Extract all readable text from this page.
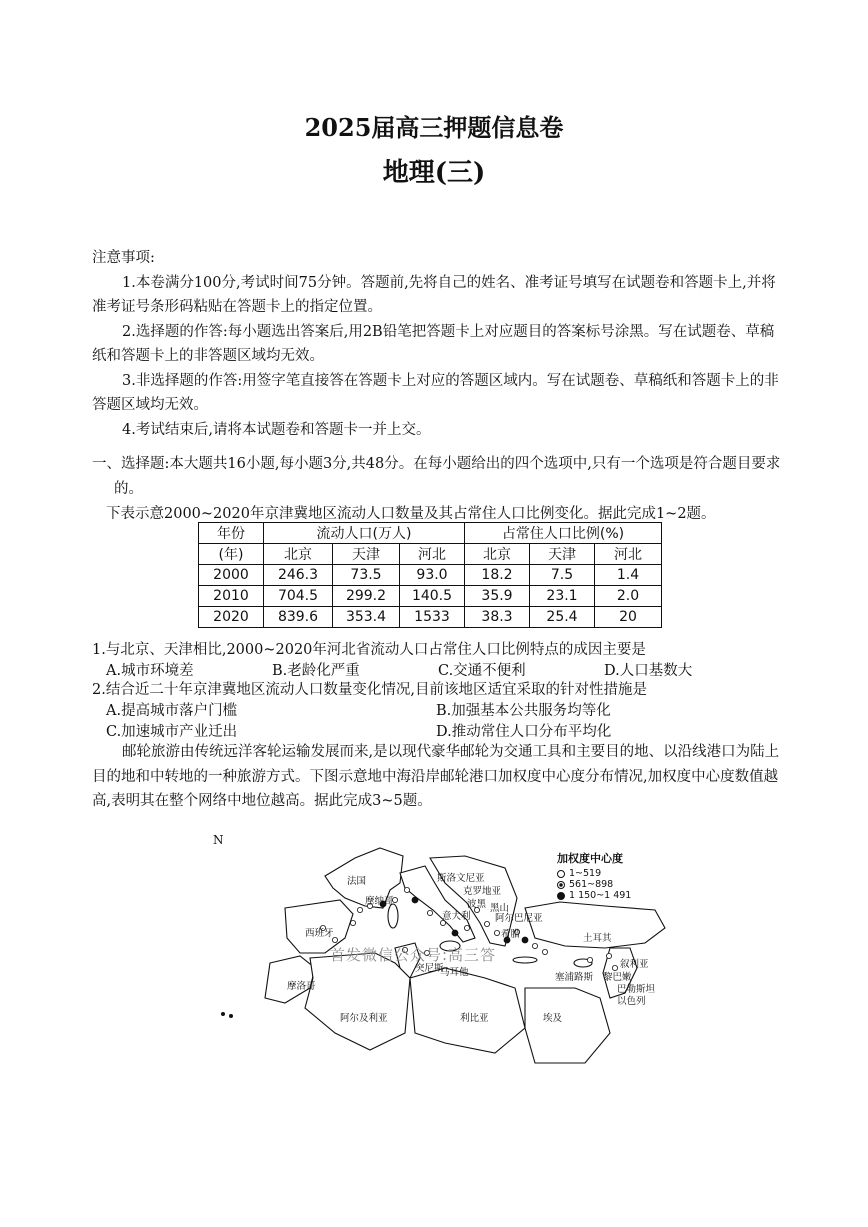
2025届高三押题信息卷
地理(三)

注意事项:

1.本卷满分100分,考试时间75分钟。答题前,先将自己的姓名、准考证号填写在试题卷和答题卡上,并将准考证号条形码粘贴在答题卡上的指定位置。

2.选择题的作答:每小题选出答案后,用2B铅笔把答题卡上对应题目的答案标号涂黑。写在试题卷、草稿纸和答题卡上的非答题区域均无效。

3.非选择题的作答:用签字笔直接答在答题卡上对应的答题区域内。写在试题卷、草稿纸和答题卡上的非答题区域均无效。

4.考试结束后,请将本试题卷和答题卡一并上交。

一、选择题:本大题共16小题,每小题3分,共48分。在每小题给出的四个选项中,只有一个选项是符合题目要求的。

下表示意2000~2020年京津冀地区流动人口数量及其占常住人口比例变化。据此完成1~2题。
年份	流动人口(万人)			占常住人口比例(%)		
(年)	北京	天津	河北	北京	天津	河北
2000	246.3	73.5	93.0	18.2	7.5	1.4
2010	704.5	299.2	140.5	35.9	23.1	2.0
2020	839.6	353.4	1533	38.3	25.4	20
1.与北京、天津相比,2000~2020年河北省流动人口占常住人口比例特点的成因主要是
A.城市环境差	B.老龄化严重	C.交通不便利	D.人口基数大
2.结合近二十年京津冀地区流动人口数量变化情况,目前该地区适宜采取的针对性措施是
A.提高城市落户门槛	B.加强基本公共服务均等化
C.加速城市产业迁出	D.推动常住人口分布平均化
邮轮旅游由传统远洋客轮运输发展而来,是以现代豪华邮轮为交通工具和主要目的地、以沿线港口为陆上目的地和中转地的一种旅游方式。下图示意地中海沿岸邮轮港口加权度中心度分布情况,加权度中心度数值越高,表明其在整个网络中地位越高。据此完成3~5题。
N
加权度中心度
1~519
561~898
1 150~1 491
法国	斯洛文尼亚
克罗地亚
摩纳哥
意大利
波黑 黑山
阿尔巴尼亚
西班牙	希腊	土耳其
突尼斯
马耳他	塞浦路斯
叙利亚
黎巴嫩
巴勒斯坦
以色列
摩洛哥
阿尔及利亚	利比亚	埃及
首发微信公众号:高三答
